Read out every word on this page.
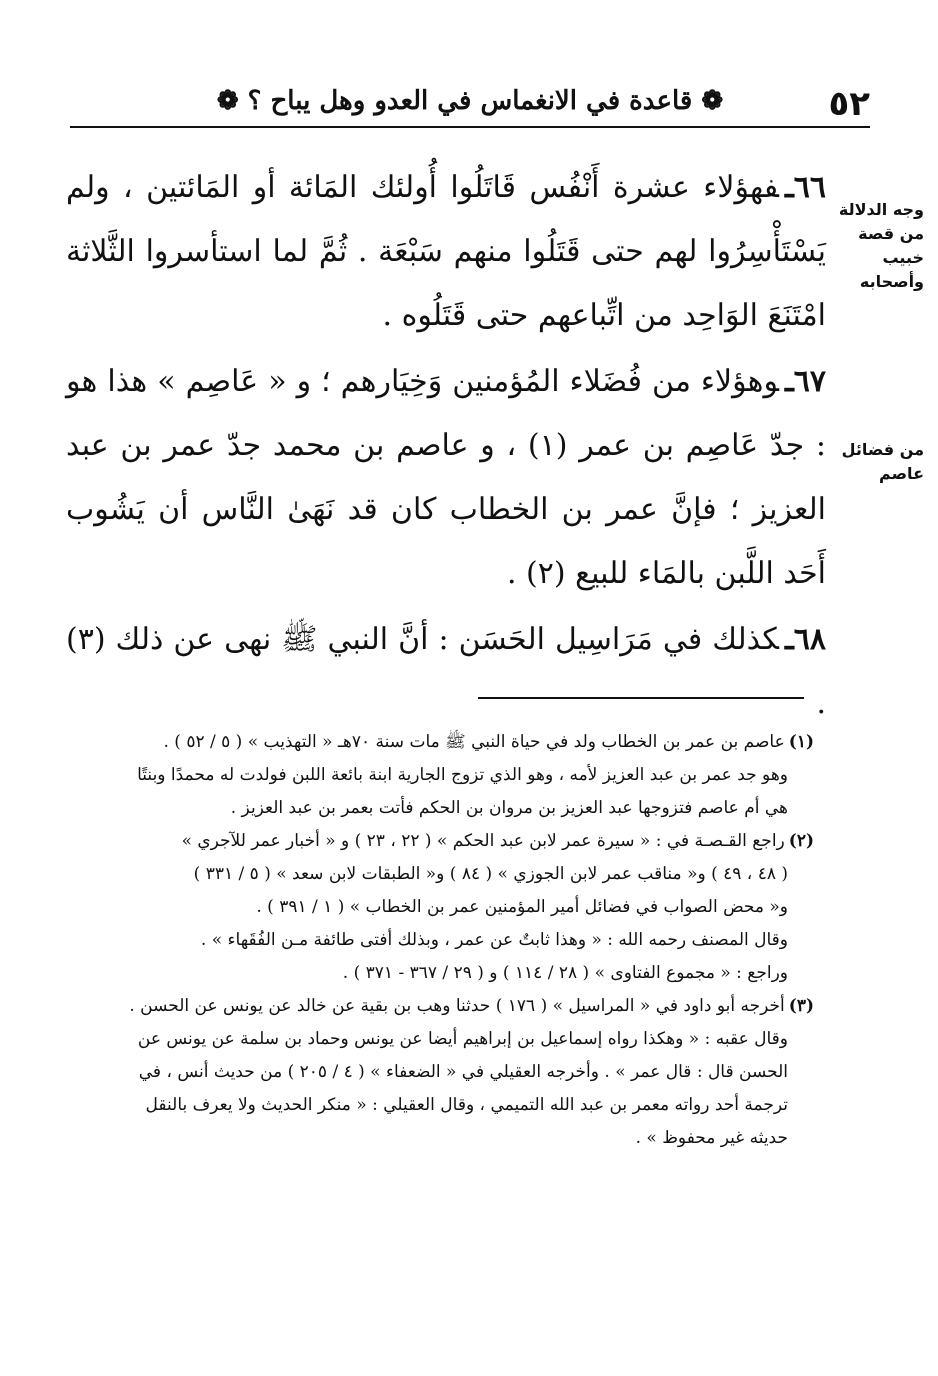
٥٢
❁ قاعدة في الانغماس في العدو وهل يباح ؟ ❁
وجه الدلالة من قصة خبيب وأصحابه
من فضائل عاصم

٦٦ـفهؤلاء عشرة أَنْفُس قَاتَلُوا أُولئك المَائة أو المَائتين ، ولم يَسْتَأْسِرُوا لهم حتى قَتَلُوا منهم سَبْعَة . ثُمَّ لما استأسروا الثَّلاثة امْتَنَعَ الوَاحِد من اتِّباعهم حتى قَتَلُوه .

٦٧ـوهؤلاء من فُضَلاء المُؤمنين وَخِيَارهم ؛ و « عَاصِم » هذا هو : جدّ عَاصِم بن عمر (١) ، و عاصم بن محمد جدّ عمر بن عبد العزيز ؛ فإنَّ عمر بن الخطاب كان قد نَهَىٰ النَّاس أن يَشُوب أَحَد اللَّبن بالمَاء للبيع (٢) .

٦٨ـكذلك في مَرَاسِيل الحَسَن : أنَّ النبي ﷺ نهى عن ذلك (٣) .

(١)عاصم بن عمر بن الخطاب ولد في حياة النبي ﷺ مات سنة ٧٠هـ « التهذيب » ( ٥ / ٥٢ ) .
وهو جد عمر بن عبد العزيز لأمه ، وهو الذي تزوج الجارية ابنة بائعة اللبن فولدت له محمدًا وبنتًا
هي أم عاصم فتزوجها عبد العزيز بن مروان بن الحكم فأتت بعمر بن عبد العزيز .
(٢)راجع القـصـة في : « سيرة عمر لابن عبد الحكم » ( ٢٢ ، ٢٣ ) و « أخبار عمر للآجري »
( ٤٨ ، ٤٩ ) و« مناقب عمر لابن الجوزي » ( ٨٤ ) و« الطبقات لابن سعد » ( ٥ / ٣٣١ )
و« محض الصواب في فضائل أمير المؤمنين عمر بن الخطاب » ( ١ / ٣٩١ ) .
وقال المصنف رحمه الله : « وهذا ثابتٌ عن عمر ، وبذلك أفتى طائفة مـن الفُقَهاء » .
وراجع : « مجموع الفتاوى » ( ٢٨ / ١١٤ ) و ( ٢٩ / ٣٦٧ - ٣٧١ ) .
(٣)أخرجه أبو داود في « المراسيل » ( ١٧٦ ) حدثنا وهب بن بقية عن خالد عن يونس عن الحسن .
وقال عقبه : « وهكذا رواه إسماعيل بن إبراهيم أيضا عن يونس وحماد بن سلمة عن يونس عن
الحسن قال : قال عمر » . وأخرجه العقيلي في « الضعفاء » ( ٤ / ٢٠٥ ) من حديث أنس ، في
ترجمة أحد رواته معمر بن عبد الله التميمي ، وقال العقيلي : « منكر الحديث ولا يعرف بالنقل
حديثه غير محفوظ » .
